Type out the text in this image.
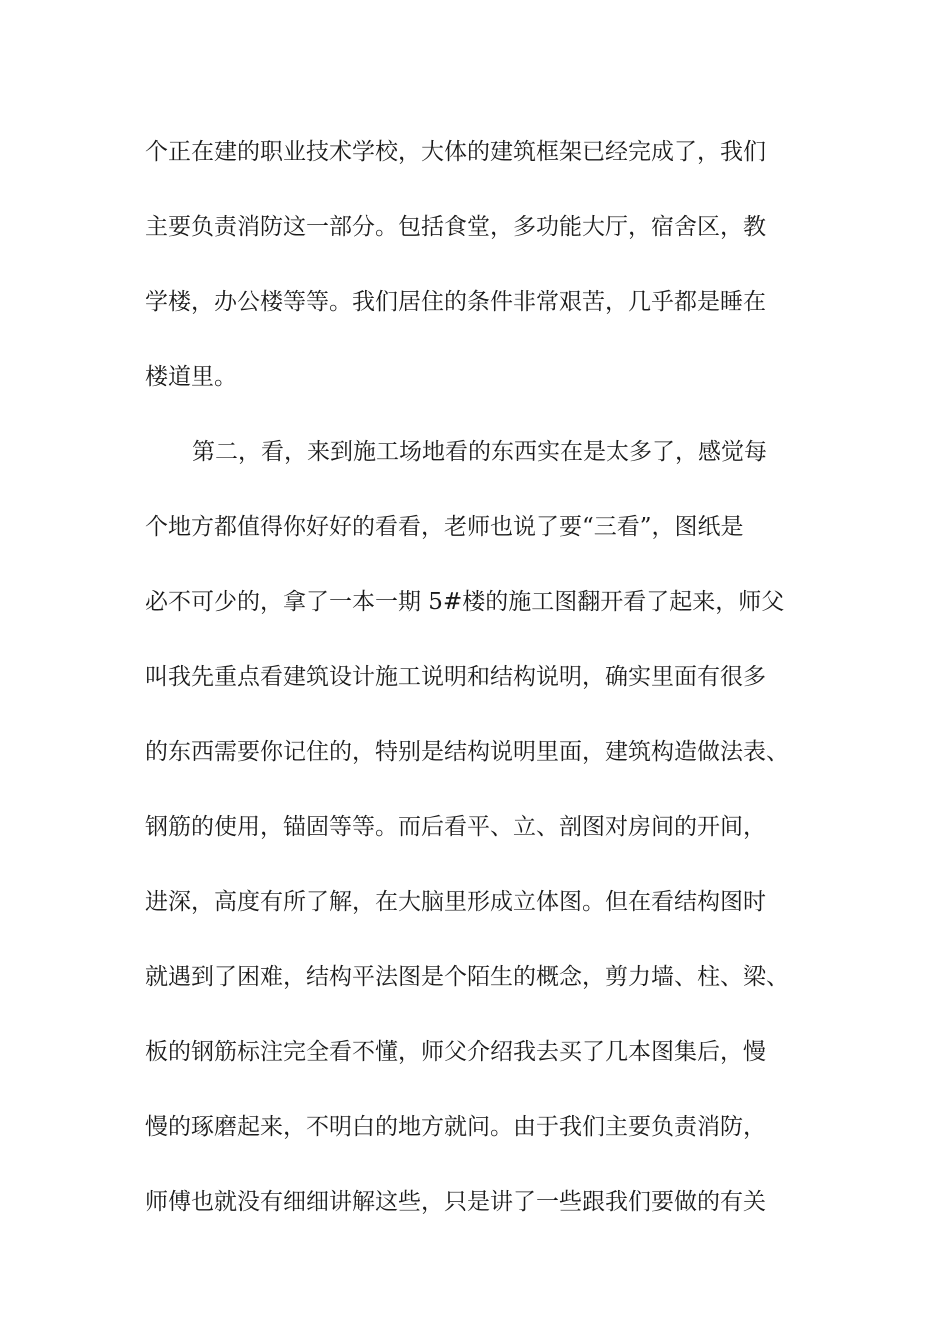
个正在建的职业技术学校，大体的建筑框架已经完成了，我们
主要负责消防这一部分。包括食堂，多功能大厅，宿舍区，教
学楼，办公楼等等。我们居住的条件非常艰苦，几乎都是睡在
楼道里。
第二，看，来到施工场地看的东西实在是太多了，感觉每
个地方都值得你好好的看看，老师也说了要“三看”，图纸是
必不可少的，拿了一本一期 5#楼的施工图翻开看了起来，师父
叫我先重点看建筑设计施工说明和结构说明，确实里面有很多
的东西需要你记住的，特别是结构说明里面，建筑构造做法表、
钢筋的使用，锚固等等。而后看平、立、剖图对房间的开间，
进深，高度有所了解，在大脑里形成立体图。但在看结构图时
就遇到了困难，结构平法图是个陌生的概念，剪力墙、柱、梁、
板的钢筋标注完全看不懂，师父介绍我去买了几本图集后，慢
慢的琢磨起来，不明白的地方就问。由于我们主要负责消防，
师傅也就没有细细讲解这些，只是讲了一些跟我们要做的有关
